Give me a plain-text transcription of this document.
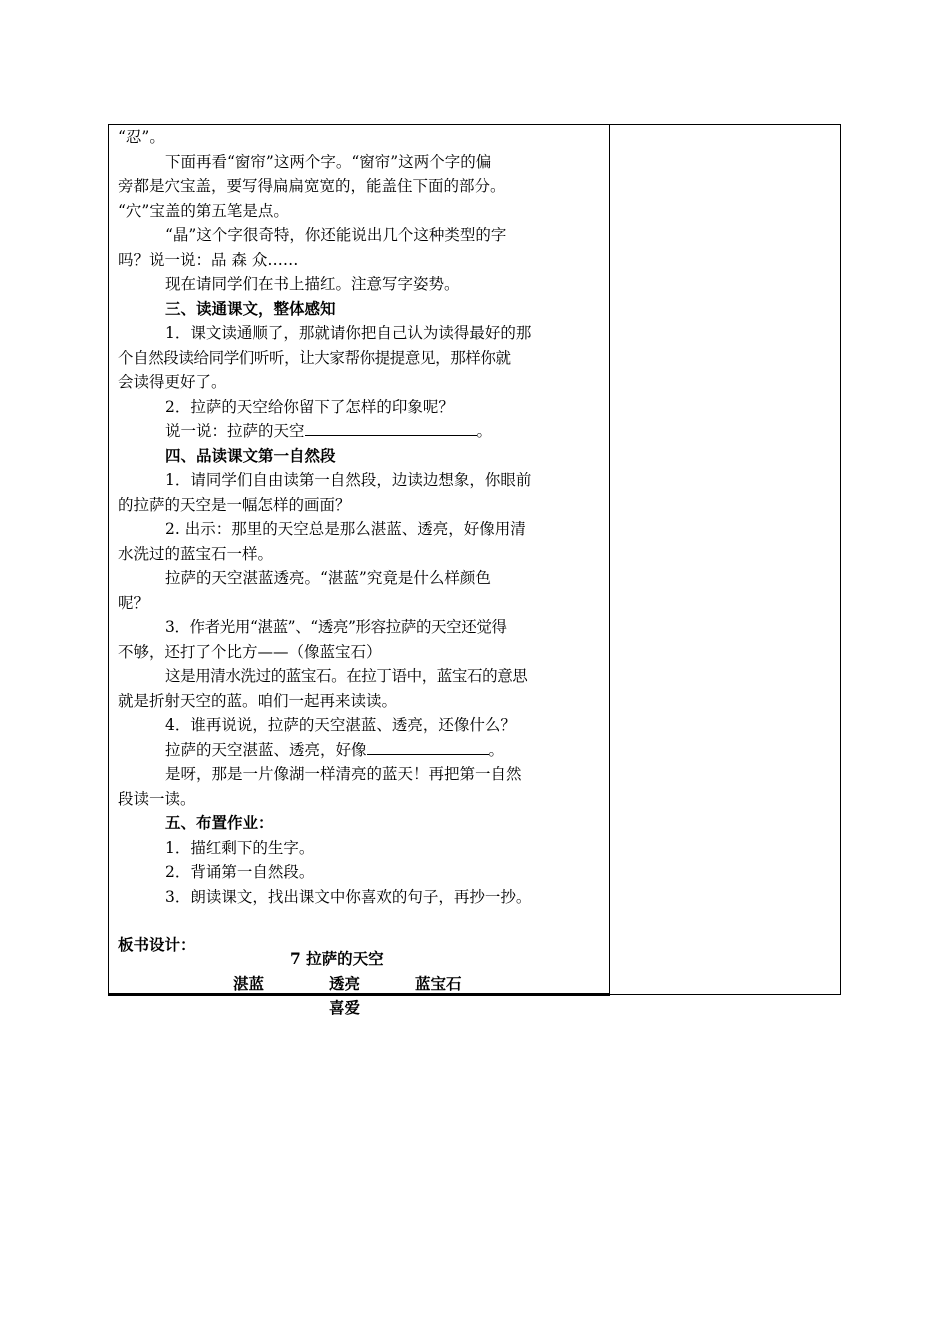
“忍”。
下面再看“窗帘”这两个字。“窗帘”这两个字的偏
旁都是穴宝盖，要写得扁扁宽宽的，能盖住下面的部分。
“穴”宝盖的第五笔是点。
“晶”这个字很奇特，你还能说出几个这种类型的字
吗？说一说：品 森 众……
现在请同学们在书上描红。注意写字姿势。
三、读通课文，整体感知
1．课文读通顺了，那就请你把自己认为读得最好的那
个自然段读给同学们听听，让大家帮你提提意见，那样你就
会读得更好了。
2．拉萨的天空给你留下了怎样的印象呢？
说一说：拉萨的天空	。
四、品读课文第一自然段
1．请同学们自由读第一自然段，边读边想象，你眼前
的拉萨的天空是一幅怎样的画面？
2. 出示：那里的天空总是那么湛蓝、透亮，好像用清
水洗过的蓝宝石一样。
拉萨的天空湛蓝透亮。“湛蓝”究竟是什么样颜色
呢？
3．作者光用“湛蓝”、“透亮”形容拉萨的天空还觉得
不够，还打了个比方——（像蓝宝石）
这是用清水洗过的蓝宝石。在拉丁语中，蓝宝石的意思
就是折射天空的蓝。咱们一起再来读读。
4．谁再说说，拉萨的天空湛蓝、透亮，还像什么？
拉萨的天空湛蓝、透亮，好像	。
是呀，那是一片像湖一样清亮的蓝天！再把第一自然
段读一读。
五、布置作业：
1．描红剩下的生字。
2．背诵第一自然段。
3．朗读课文，找出课文中你喜欢的句子，再抄一抄。
板书设计：
7 拉萨的天空
湛蓝	透亮	蓝宝石
喜爱
